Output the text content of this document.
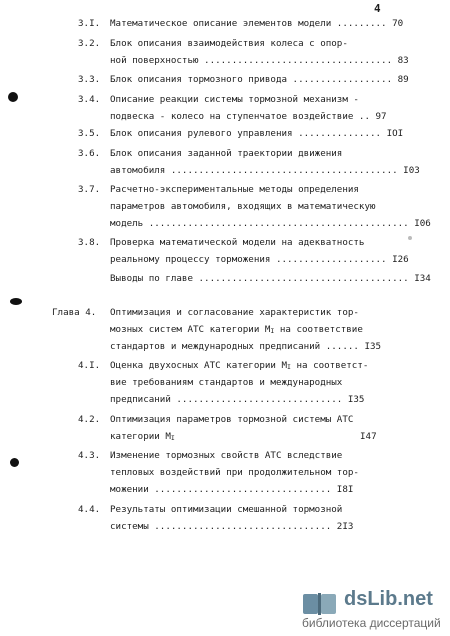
4
3.I. Математическое описание элементов модели ......... 70
3.2. Блок описания взаимодействия колеса с опор-
ной поверхностью .................................. 83
3.3. Блок описания тормозного привода .................. 89
3.4. Описание реакции системы тормозной механизм -
подвеска - колесо на ступенчатое воздействие .. 97
3.5. Блок описания рулевого управления ............... IOI
3.6. Блок описания заданной траектории движения
автомобиля ......................................... I03
3.7. Расчетно-экспериментальные методы определения
параметров автомобиля, входящих в математическую
модель ............................................... I06
3.8. Проверка математической модели на адекватность
реальному процессу торможения .................... I26
Выводы по главе ...................................... I34
Глава 4. Оптимизация и согласование характеристик тор-
мозных систем АТС категории MI на соответствие
стандартов и международных предписаний ...... I35
4.I. Оценка двухосных АТС категории MI на соответст-
вие требованиям стандартов и международных
предписаний .............................. I35
4.2. Оптимизация параметров тормозной системы АТС
категории MI	I47
4.3. Изменение тормозных свойств АТС вследствие
тепловых воздействий при продолжительном тор-
можении ................................ I8I
4.4. Результаты оптимизации смешанной тормозной
системы ................................ 2I3
dsLib.net
библиотека диссертаций
